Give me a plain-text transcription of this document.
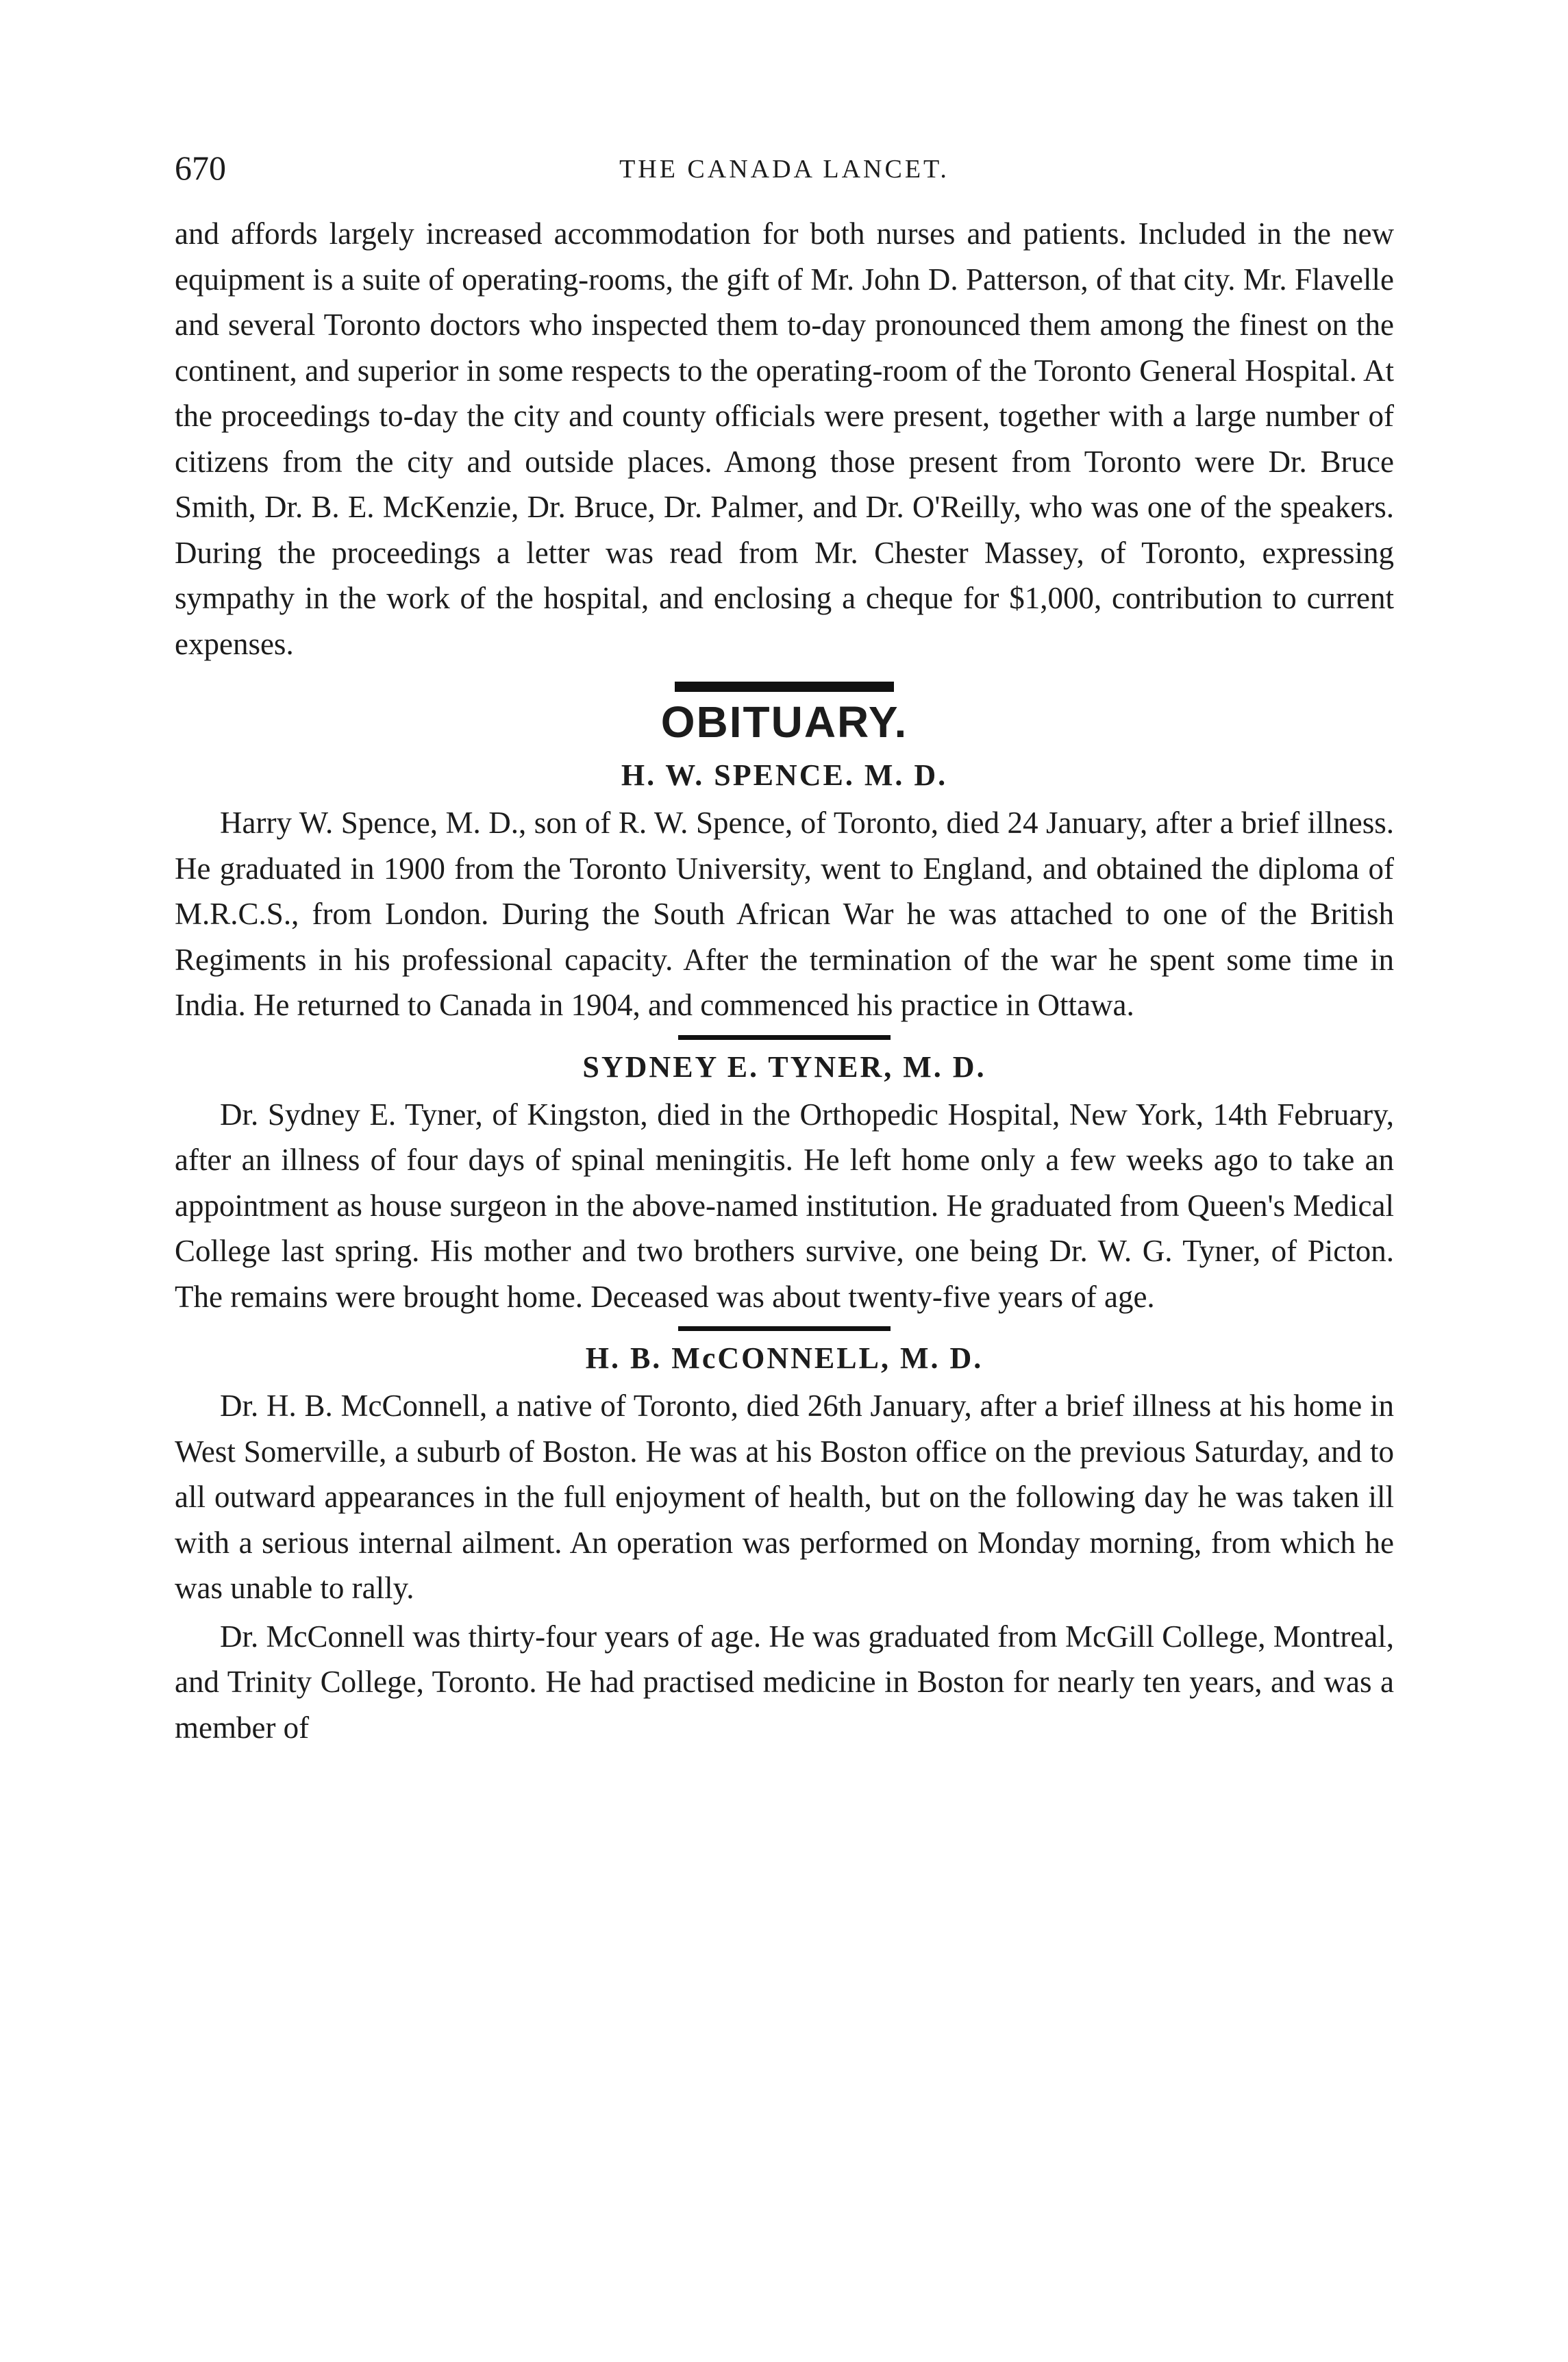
670	THE CANADA LANCET.

and affords largely increased accommodation for both nurses and patients. Included in the new equipment is a suite of operating-rooms, the gift of Mr. John D. Patterson, of that city. Mr. Flavelle and several Toronto doctors who inspected them to-day pronounced them among the finest on the continent, and superior in some respects to the operating-room of the Toronto General Hospital. At the proceedings to-day the city and county officials were present, together with a large number of citizens from the city and outside places. Among those present from Toronto were Dr. Bruce Smith, Dr. B. E. McKenzie, Dr. Bruce, Dr. Palmer, and Dr. O'Reilly, who was one of the speakers. During the proceedings a letter was read from Mr. Chester Massey, of Toronto, expressing sympathy in the work of the hospital, and enclosing a cheque for $1,000, contribution to current expenses.

OBITUARY.
H. W. SPENCE. M. D.

Harry W. Spence, M. D., son of R. W. Spence, of Toronto, died 24 January, after a brief illness. He graduated in 1900 from the Toronto University, went to England, and obtained the diploma of M.R.C.S., from London. During the South African War he was attached to one of the British Regiments in his professional capacity. After the termination of the war he spent some time in India. He returned to Canada in 1904, and commenced his practice in Ottawa.

SYDNEY E. TYNER, M. D.

Dr. Sydney E. Tyner, of Kingston, died in the Orthopedic Hospital, New York, 14th February, after an illness of four days of spinal meningitis. He left home only a few weeks ago to take an appointment as house surgeon in the above-named institution. He graduated from Queen's Medical College last spring. His mother and two brothers survive, one being Dr. W. G. Tyner, of Picton. The remains were brought home. Deceased was about twenty-five years of age.

H. B. McCONNELL, M. D.

Dr. H. B. McConnell, a native of Toronto, died 26th January, after a brief illness at his home in West Somerville, a suburb of Boston. He was at his Boston office on the previous Saturday, and to all outward appearances in the full enjoyment of health, but on the following day he was taken ill with a serious internal ailment. An operation was performed on Monday morning, from which he was unable to rally.

Dr. McConnell was thirty-four years of age. He was graduated from McGill College, Montreal, and Trinity College, Toronto. He had practised medicine in Boston for nearly ten years, and was a member of
